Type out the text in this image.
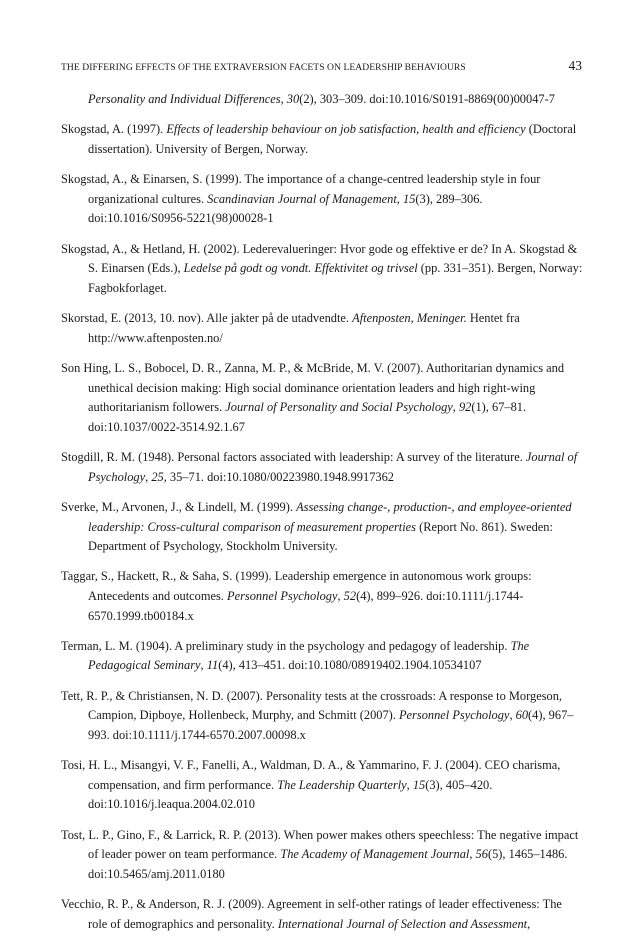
THE DIFFERING EFFECTS OF THE EXTRAVERSION FACETS ON LEADERSHIP BEHAVIOURS	43
Personality and Individual Differences, 30(2), 303–309. doi:10.1016/S0191-8869(00)00047-7
Skogstad, A. (1997). Effects of leadership behaviour on job satisfaction, health and efficiency (Doctoral dissertation). University of Bergen, Norway.
Skogstad, A., & Einarsen, S. (1999). The importance of a change-centred leadership style in four organizational cultures. Scandinavian Journal of Management, 15(3), 289–306. doi:10.1016/S0956-5221(98)00028-1
Skogstad, A., & Hetland, H. (2002). Lederevalueringer: Hvor gode og effektive er de? In A. Skogstad & S. Einarsen (Eds.), Ledelse på godt og vondt. Effektivitet og trivsel (pp. 331–351). Bergen, Norway: Fagbokforlaget.
Skorstad, E. (2013, 10. nov). Alle jakter på de utadvendte. Aftenposten, Meninger. Hentet fra http://www.aftenposten.no/
Son Hing, L. S., Bobocel, D. R., Zanna, M. P., & McBride, M. V. (2007). Authoritarian dynamics and unethical decision making: High social dominance orientation leaders and high right-wing authoritarianism followers. Journal of Personality and Social Psychology, 92(1), 67–81. doi:10.1037/0022-3514.92.1.67
Stogdill, R. M. (1948). Personal factors associated with leadership: A survey of the literature. Journal of Psychology, 25, 35–71. doi:10.1080/00223980.1948.9917362
Sverke, M., Arvonen, J., & Lindell, M. (1999). Assessing change-, production-, and employee-oriented leadership: Cross-cultural comparison of measurement properties (Report No. 861). Sweden: Department of Psychology, Stockholm University.
Taggar, S., Hackett, R., & Saha, S. (1999). Leadership emergence in autonomous work groups: Antecedents and outcomes. Personnel Psychology, 52(4), 899–926. doi:10.1111/j.1744-6570.1999.tb00184.x
Terman, L. M. (1904). A preliminary study in the psychology and pedagogy of leadership. The Pedagogical Seminary, 11(4), 413–451. doi:10.1080/08919402.1904.10534107
Tett, R. P., & Christiansen, N. D. (2007). Personality tests at the crossroads: A response to Morgeson, Campion, Dipboye, Hollenbeck, Murphy, and Schmitt (2007). Personnel Psychology, 60(4), 967–993. doi:10.1111/j.1744-6570.2007.00098.x
Tosi, H. L., Misangyi, V. F., Fanelli, A., Waldman, D. A., & Yammarino, F. J. (2004). CEO charisma, compensation, and firm performance. The Leadership Quarterly, 15(3), 405–420. doi:10.1016/j.leaqua.2004.02.010
Tost, L. P., Gino, F., & Larrick, R. P. (2013). When power makes others speechless: The negative impact of leader power on team performance. The Academy of Management Journal, 56(5), 1465–1486. doi:10.5465/amj.2011.0180
Vecchio, R. P., & Anderson, R. J. (2009). Agreement in self-other ratings of leader effectiveness: The role of demographics and personality. International Journal of Selection and Assessment,
